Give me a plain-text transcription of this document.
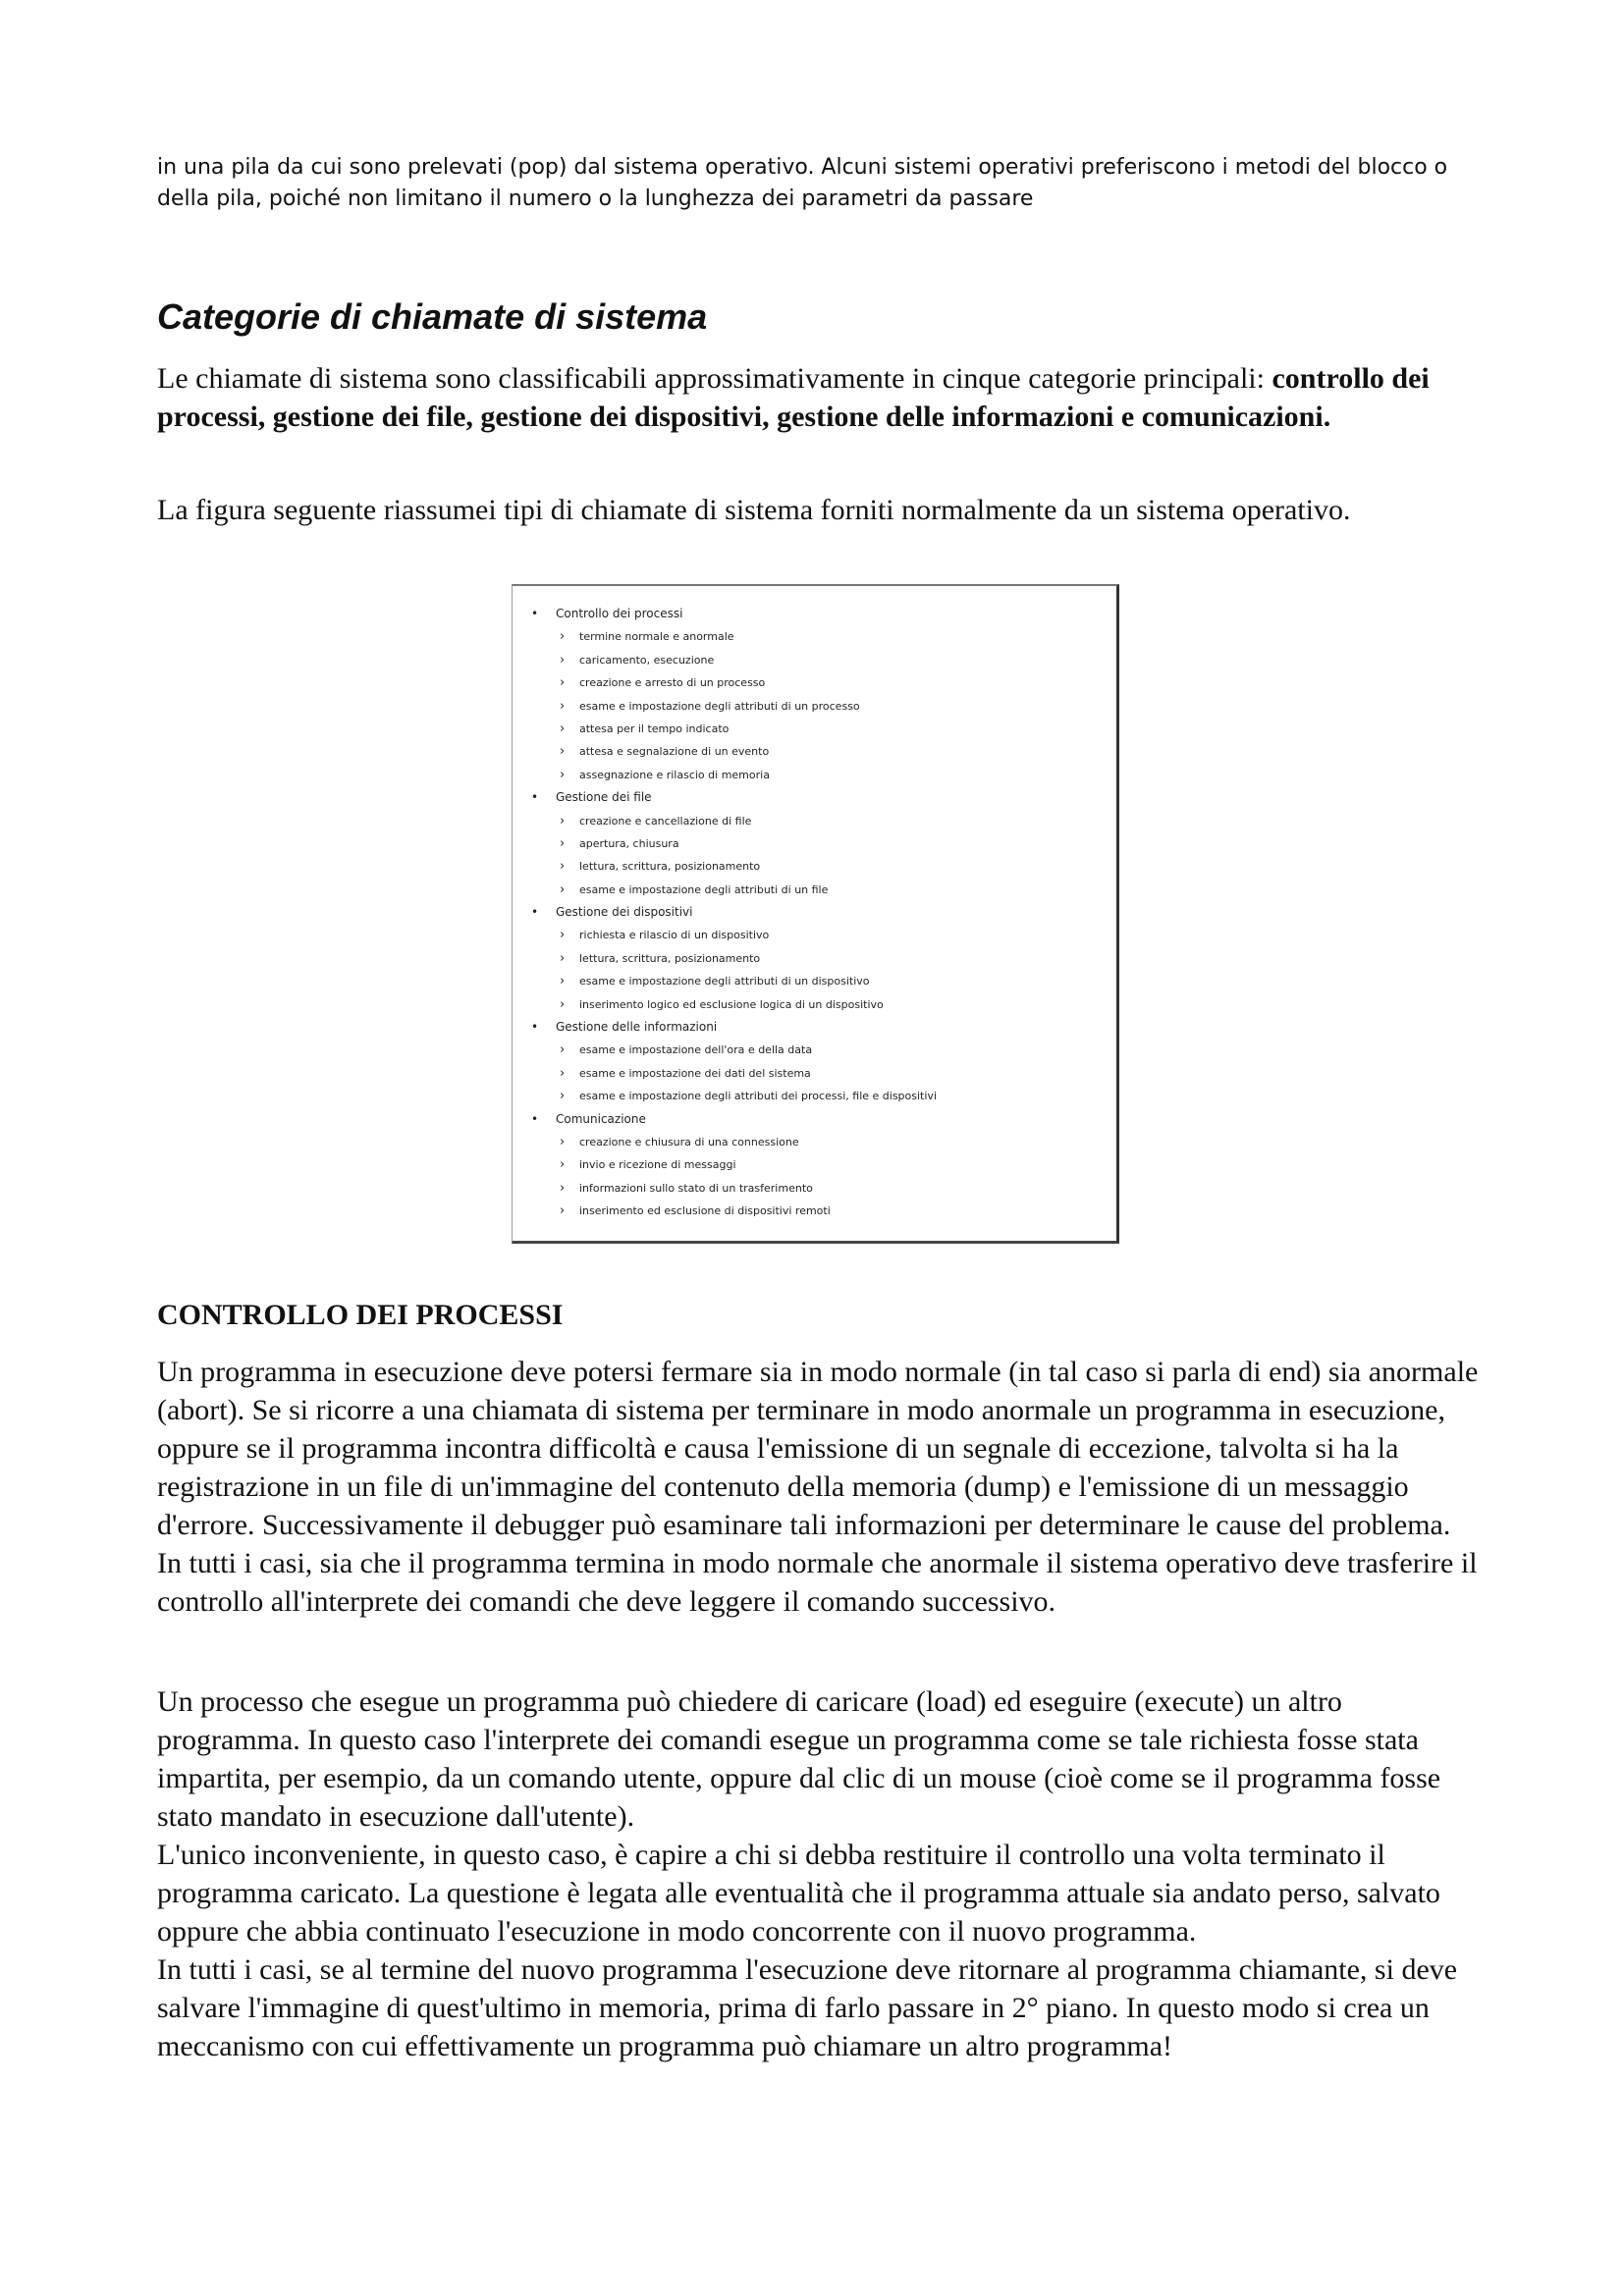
in una pila da cui sono prelevati (pop) dal sistema operativo. Alcuni sistemi operativi preferiscono i metodi del blocco o della pila, poiché non limitano il numero o la lunghezza dei parametri da passare

Categorie di chiamate di sistema

Le chiamate di sistema sono classificabili approssimativamente in cinque categorie principali: controllo dei processi, gestione dei file, gestione dei dispositivi, gestione delle informazioni e comunicazioni.

La figura seguente riassumei tipi di chiamate di sistema forniti normalmente da un sistema operativo.

• Controllo dei processi
› termine normale e anormale
› caricamento, esecuzione
› creazione e arresto di un processo
› esame e impostazione degli attributi di un processo
› attesa per il tempo indicato
› attesa e segnalazione di un evento
› assegnazione e rilascio di memoria
• Gestione dei file
› creazione e cancellazione di file
› apertura, chiusura
› lettura, scrittura, posizionamento
› esame e impostazione degli attributi di un file
• Gestione dei dispositivi
› richiesta e rilascio di un dispositivo
› lettura, scrittura, posizionamento
› esame e impostazione degli attributi di un dispositivo
› inserimento logico ed esclusione logica di un dispositivo
• Gestione delle informazioni
› esame e impostazione dell'ora e della data
› esame e impostazione dei dati del sistema
› esame e impostazione degli attributi dei processi, file e dispositivi
• Comunicazione
› creazione e chiusura di una connessione
› invio e ricezione di messaggi
› informazioni sullo stato di un trasferimento
› inserimento ed esclusione di dispositivi remoti
CONTROLLO DEI PROCESSI
Un programma in esecuzione deve potersi fermare sia in modo normale (in tal caso si parla di end) sia anormale (abort). Se si ricorre a una chiamata di sistema per terminare in modo anormale un programma in esecuzione, oppure se il programma incontra difficoltà e causa l'emissione di un segnale di eccezione, talvolta si ha la registrazione in un file di un'immagine del contenuto della memoria (dump) e l'emissione di un messaggio d'errore. Successivamente il debugger può esaminare tali informazioni per determinare le cause del problema.
In tutti i casi, sia che il programma termina in modo normale che anormale il sistema operativo deve trasferire il controllo all'interprete dei comandi che deve leggere il comando successivo.
Un processo che esegue un programma può chiedere di caricare (load) ed eseguire (execute) un altro programma. In questo caso l'interprete dei comandi esegue un programma come se tale richiesta fosse stata impartita, per esempio, da un comando utente, oppure dal clic di un mouse (cioè come se il programma fosse stato mandato in esecuzione dall'utente).
L'unico inconveniente, in questo caso, è capire a chi si debba restituire il controllo una volta terminato il programma caricato. La questione è legata alle eventualità che il programma attuale sia andato perso, salvato oppure che abbia continuato l'esecuzione in modo concorrente con il nuovo programma.
In tutti i casi, se al termine del nuovo programma l'esecuzione deve ritornare al programma chiamante, si deve salvare l'immagine di quest'ultimo in memoria, prima di farlo passare in 2° piano. In questo modo si crea un meccanismo con cui effettivamente un programma può chiamare un altro programma!
